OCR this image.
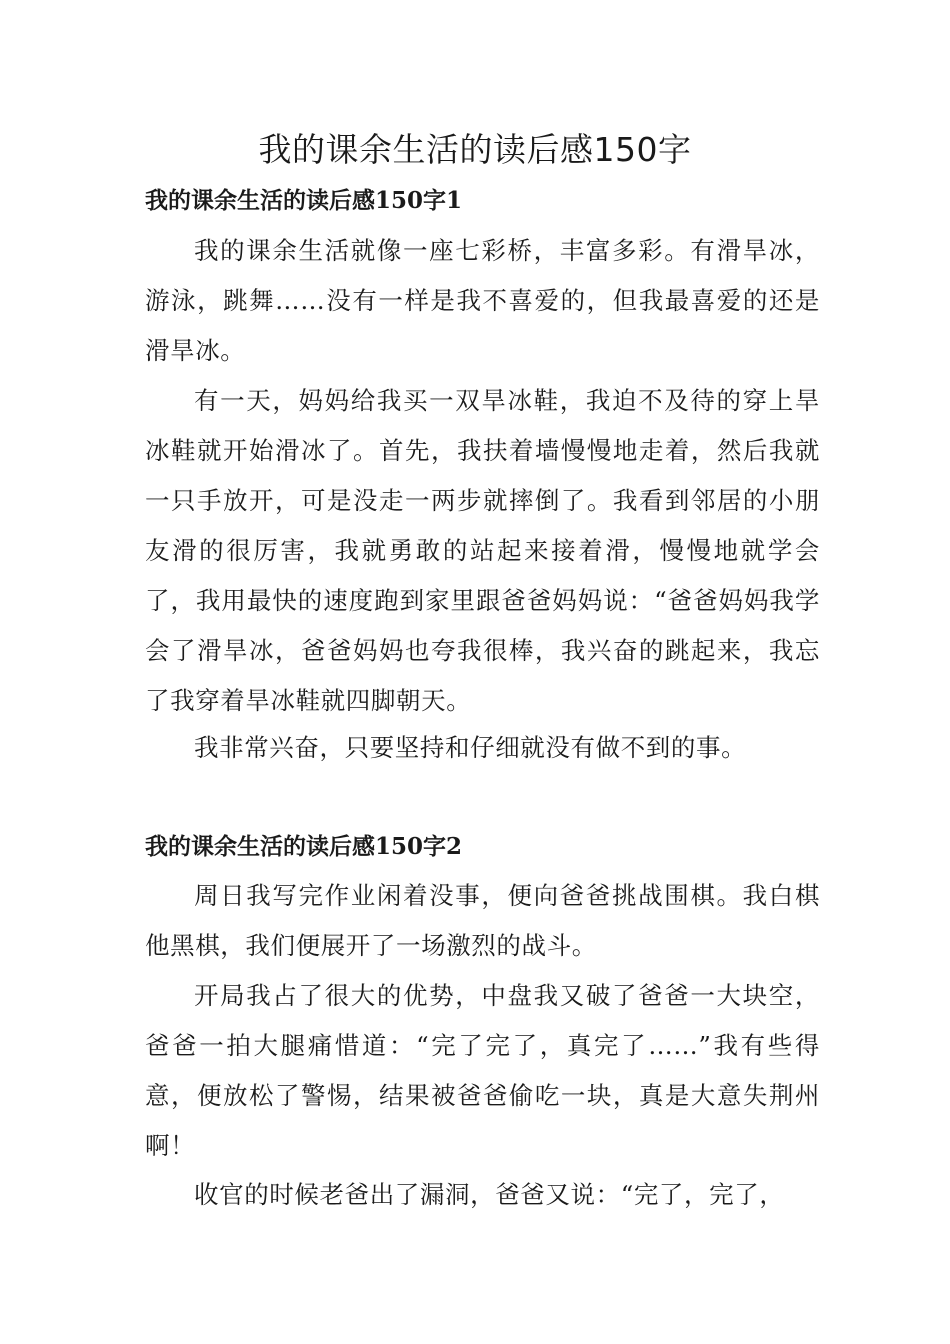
我的课余生活的读后感150字
我的课余生活的读后感150字1

我的课余生活就像一座七彩桥，丰富多彩。有滑旱冰，游泳，跳舞……没有一样是我不喜爱的，但我最喜爱的还是滑旱冰。

有一天，妈妈给我买一双旱冰鞋，我迫不及待的穿上旱冰鞋就开始滑冰了。首先，我扶着墙慢慢地走着，然后我就一只手放开，可是没走一两步就摔倒了。我看到邻居的小朋友滑的很厉害，我就勇敢的站起来接着滑，慢慢地就学会了，我用最快的速度跑到家里跟爸爸妈妈说：“爸爸妈妈我学会了滑旱冰，爸爸妈妈也夸我很棒，我兴奋的跳起来，我忘了我穿着旱冰鞋就四脚朝天。

我非常兴奋，只要坚持和仔细就没有做不到的事。

我的课余生活的读后感150字2

周日我写完作业闲着没事，便向爸爸挑战围棋。我白棋他黑棋，我们便展开了一场激烈的战斗。

开局我占了很大的优势，中盘我又破了爸爸一大块空，爸爸一拍大腿痛惜道：“完了完了，真完了……”我有些得意，便放松了警惕，结果被爸爸偷吃一块，真是大意失荆州啊！

收官的时候老爸出了漏洞，爸爸又说：“完了，完了，
